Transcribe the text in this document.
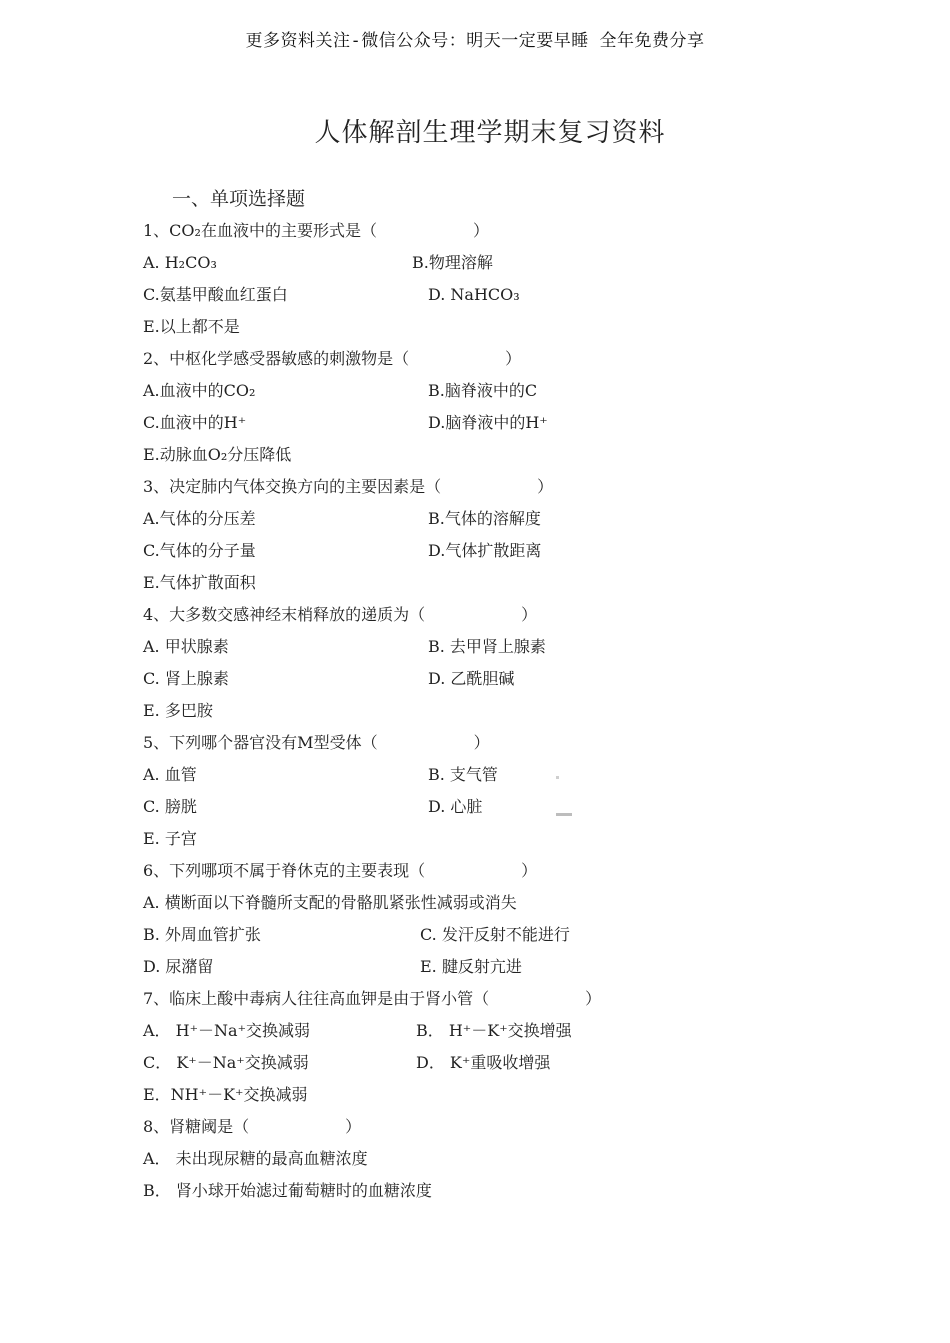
更多资料关注-微信公众号：明天一定要早睡 全年免费分享
人体解剖生理学期末复习资料
一、单项选择题
1、CO₂在血液中的主要形式是（　　　　　　）
A. H₂CO₃	B.物理溶解
C.氨基甲酸血红蛋白	D. NaHCO₃
E.以上都不是
2、中枢化学感受器敏感的刺激物是（　　　　　　）
A.血液中的CO₂	B.脑脊液中的C
C.血液中的H⁺	D.脑脊液中的H⁺
E.动脉血O₂分压降低
3、决定肺内气体交换方向的主要因素是（　　　　　　）
A.气体的分压差	B.气体的溶解度
C.气体的分子量	D.气体扩散距离
E.气体扩散面积
4、大多数交感神经末梢释放的递质为（　　　　　　）
A. 甲状腺素	B. 去甲肾上腺素
C. 肾上腺素	D. 乙酰胆碱
E. 多巴胺
5、下列哪个器官没有M型受体（　　　　　　）
A. 血管	B. 支气管
C. 膀胱	D. 心脏
E. 子宫
6、下列哪项不属于脊休克的主要表现（　　　　　　）
A. 横断面以下脊髓所支配的骨骼肌紧张性减弱或消失
B. 外周血管扩张	C. 发汗反射不能进行
D. 尿潴留	E. 腱反射亢进
7、临床上酸中毒病人往往高血钾是由于肾小管（　　　　　　）
A． H⁺－Na⁺交换减弱	B． H⁺－K⁺交换增强
C． K⁺－Na⁺交换减弱	D． K⁺重吸收增强
E．NH⁺－K⁺交换减弱
8、肾糖阈是（　　　　　　）
A． 未出现尿糖的最高血糖浓度
B． 肾小球开始滤过葡萄糖时的血糖浓度
